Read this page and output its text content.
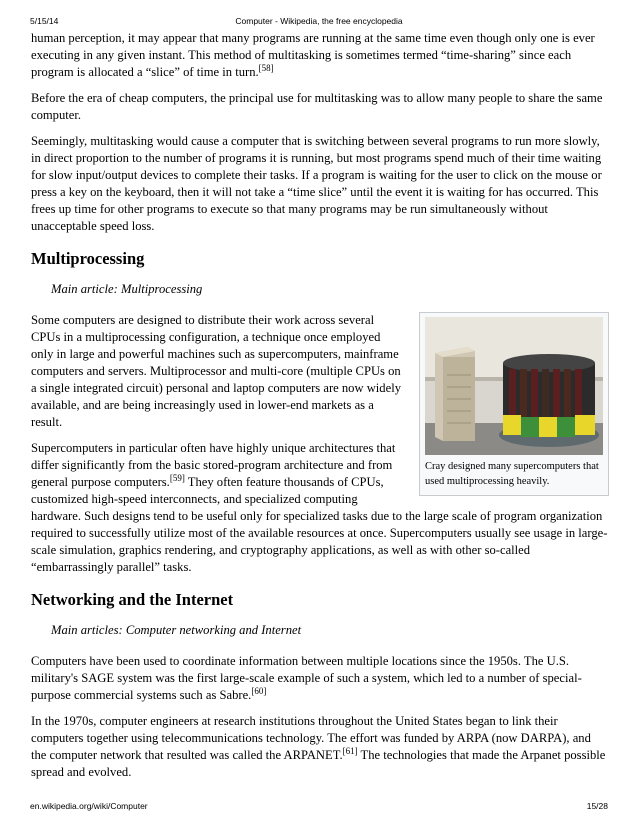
5/15/14	Computer - Wikipedia, the free encyclopedia

human perception, it may appear that many programs are running at the same time even though only one is ever executing in any given instant. This method of multitasking is sometimes termed “time-sharing” since each program is allocated a “slice” of time in turn.[58]

Before the era of cheap computers, the principal use for multitasking was to allow many people to share the same computer.

Seemingly, multitasking would cause a computer that is switching between several programs to run more slowly, in direct proportion to the number of programs it is running, but most programs spend much of their time waiting for slow input/output devices to complete their tasks. If a program is waiting for the user to click on the mouse or press a key on the keyboard, then it will not take a “time slice” until the event it is waiting for has occurred. This frees up time for other programs to execute so that many programs may be run simultaneously without unacceptable speed loss.

Multiprocessing
Main article: Multiprocessing
Cray designed many supercomputers that used multiprocessing heavily.

Some computers are designed to distribute their work across several CPUs in a multiprocessing configuration, a technique once employed only in large and powerful machines such as supercomputers, mainframe computers and servers. Multiprocessor and multi-core (multiple CPUs on a single integrated circuit) personal and laptop computers are now widely available, and are being increasingly used in lower-end markets as a result.

Supercomputers in particular often have highly unique architectures that differ significantly from the basic stored-program architecture and from general purpose computers.[59] They often feature thousands of CPUs, customized high-speed interconnects, and specialized computing hardware. Such designs tend to be useful only for specialized tasks due to the large scale of program organization required to successfully utilize most of the available resources at once. Supercomputers usually see usage in large-scale simulation, graphics rendering, and cryptography applications, as well as with other so-called “embarrassingly parallel” tasks.

Networking and the Internet
Main articles: Computer networking and Internet

Computers have been used to coordinate information between multiple locations since the 1950s. The U.S. military's SAGE system was the first large-scale example of such a system, which led to a number of special-purpose commercial systems such as Sabre.[60]

In the 1970s, computer engineers at research institutions throughout the United States began to link their computers together using telecommunications technology. The effort was funded by ARPA (now DARPA), and the computer network that resulted was called the ARPANET.[61] The technologies that made the Arpanet possible spread and evolved.

en.wikipedia.org/wiki/Computer	15/28
